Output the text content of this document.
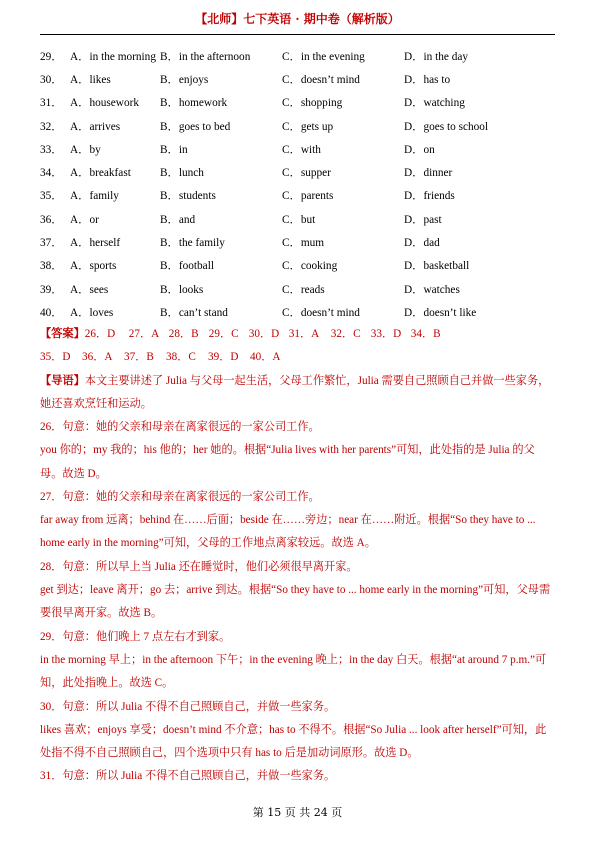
【北师】七下英语 · 期中卷（解析版）
29． A．in the morning B．in the afternoon	C．in the evening	D．in the day
30． A．likes	B．enjoys	C．doesn’t mind	D．has to
31． A．housework	B．homework	C．shopping	D．watching
32． A．arrives	B．goes to bed	C．gets up	D．goes to school
33． A．by	B．in	C．with	D．on
34． A．breakfast	B．lunch	C．supper	D．dinner
35． A．family	B．students	C．parents	D．friends
36． A．or	B．and	C．but	D．past
37． A．herself	B．the family	C．mum	D．dad
38． A．sports	B．football	C．cooking	D．basketball
39． A．sees	B．looks	C．reads	D．watches
40． A．loves	B．can’t stand	C．doesn’t mind	D．doesn’t like
【答案】 26．D	27．A 28．B 29．C 30．D 31．A	32．C 33．D 34．B
35．D	36．A	37．B	38．C	39．D	40．A
【导语】本文主要讲述了 Julia 与父母一起生活，父母工作繁忙，Julia 需要自己照顾自己并做一些家务，她还喜欢烹饪和运动。
26．句意：她的父亲和母亲在离家很远的一家公司工作。
you 你的；my 我的；his 他的；her 她的。根据“Julia lives with her parents”可知，此处指的是 Julia 的父母。故选 D。
27．句意：她的父亲和母亲在离家很远的一家公司工作。
far away from 远离；behind 在……后面；beside 在……旁边；near 在……附近。根据“So they have to ... home early in the morning”可知，父母的工作地点离家较远。故选 A。
28．句意：所以早上当 Julia 还在睡觉时，他们必须很早离开家。
get 到达；leave 离开；go 去；arrive 到达。根据“So they have to ... home early in the morning”可知，父母需要很早离开家。故选 B。
29．句意：他们晚上 7 点左右才到家。
in the morning 早上；in the afternoon 下午；in the evening 晚上；in the day 白天。根据“at around 7 p.m.”可知，此处指晚上。故选 C。
30．句意：所以 Julia 不得不自己照顾自己，并做一些家务。
likes 喜欢；enjoys 享受；doesn’t mind 不介意；has to 不得不。根据“So Julia ... look after herself”可知，此处指不得不自己照顾自己，四个选项中只有 has to 后是加动词原形。故选 D。
31．句意：所以 Julia 不得不自己照顾自己，并做一些家务。
第 15 页 共 24 页
